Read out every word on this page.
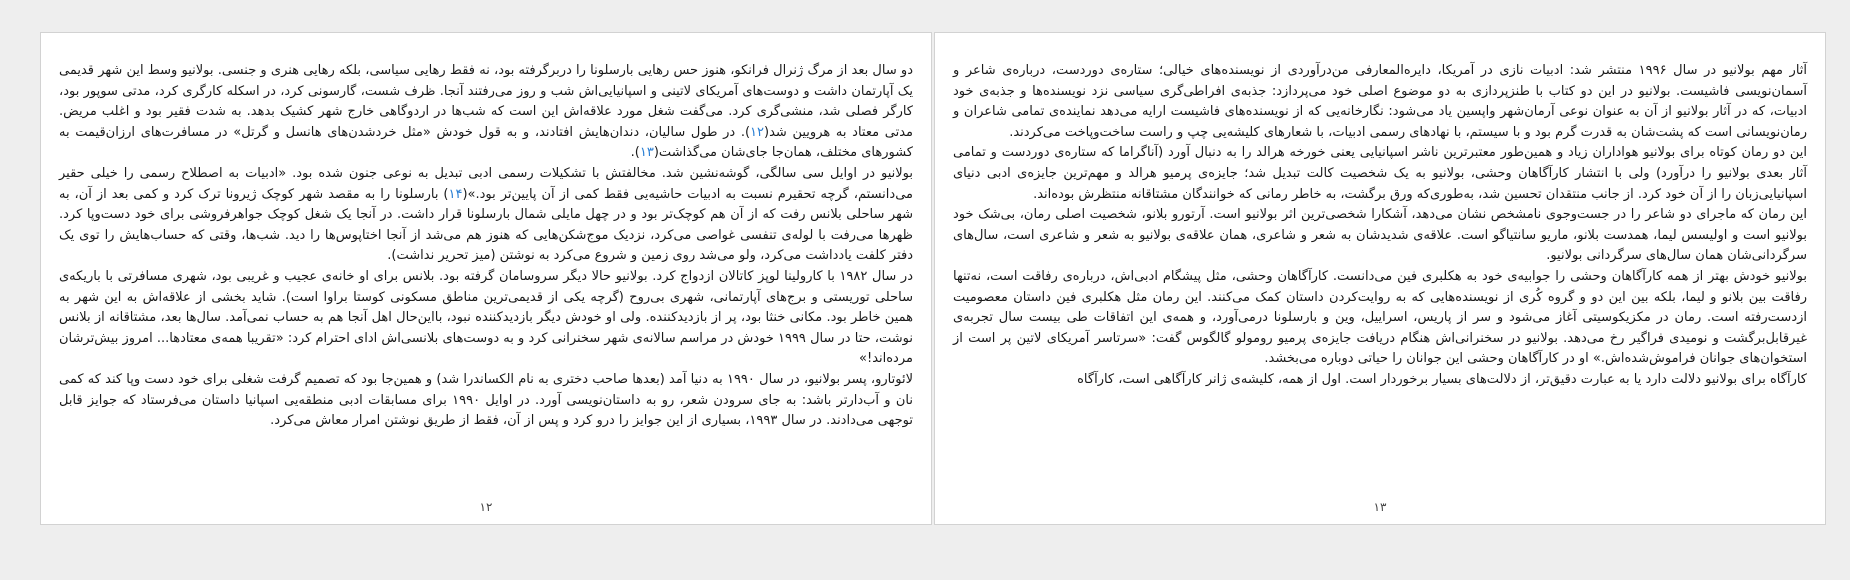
دو سال بعد از مرگ ژنرال فرانکو، هنوز حس رهایی بارسلونا را دربرگرفته بود، نه فقط رهایی سیاسی، بلکه رهایی هنری و جنسی. بولانیو وسط این شهر قدیمی یک آپارتمان داشت و دوست‌های آمریکای لاتینی و اسپانیایی‌اش شب و روز می‌رفتند آنجا. ظرف شست، گارسونی کرد، در اسکله کارگری کرد، مدتی سوپور بود، کارگر فصلی شد، منشی‌گری کرد. می‌گفت شغل مورد علاقه‌اش این است که شب‌ها در اردوگاهی خارج شهر کشیک بدهد. به شدت فقیر بود و اغلب مریض. مدتی معتاد به هرویین شد(۱۲). در طول سالیان، دندان‌هایش افتادند، و به قول خودش «مثل خردشدن‌های هانسل و گرتل» در مسافرت‌های ارزان‌قیمت به کشورهای مختلف، همان‌جا جای‌شان می‌گذاشت(۱۳).

بولانیو در اوایل سی سالگی، گوشه‌نشین شد. مخالفتش با تشکیلات رسمی ادبی تبدیل به نوعی جنون شده بود. «ادبیات به اصطلاح رسمی را خیلی حقیر می‌دانستم، گرچه تحقیرم نسبت به ادبیات حاشیه‌یی فقط کمی از آن پایین‌تر بود.»(۱۴) بارسلونا را به مقصد شهر کوچک ژیرونا ترک کرد و کمی بعد از آن، به شهر ساحلی بلانس رفت که از آن هم کوچک‌تر بود و در چهل مایلی شمال بارسلونا قرار داشت. در آنجا یک شغل کوچک جواهرفروشی برای خود دست‌وپا کرد. ظهرها می‌رفت با لوله‌ی تنفسی غواصی می‌کرد، نزدیک موج‌شکن‌هایی که هنوز هم می‌شد از آنجا اختاپوس‌ها را دید. شب‌ها، وقتی که حساب‌هایش را توی یک دفتر کلفت یادداشت می‌کرد، ولو می‌شد روی زمین و شروع می‌کرد به نوشتن (میز تحریر نداشت).

در سال ۱۹۸۲ با کارولینا لوپز کاتالان ازدواج کرد. بولانیو حالا دیگر سروسامان گرفته بود. بلانس برای او خانه‌ی عجیب و غریبی بود، شهری مسافرتی با باریکه‌ی ساحلی توریستی و برج‌های آپارتمانی، شهری بی‌روح (گرچه یکی از قدیمی‌ترین مناطق مسکونی کوستا براوا است). شاید بخشی از علاقه‌اش به این شهر به همین خاطر بود. مکانی خنثا بود، پر از بازدیدکننده. ولی او خودش دیگر بازدیدکننده نبود، بااین‌حال اهل آنجا هم به حساب نمی‌آمد. سال‌ها بعد، مشتاقانه از بلانس نوشت، حتا در سال ۱۹۹۹ خودش در مراسم سالانه‌ی شهر سخنرانی کرد و به دوست‌های بلانسی‌اش ادای احترام کرد: «تقریبا همه‌ی معتادها... امروز بیش‌ترشان مرده‌اند!»

لائوتارو، پسر بولانیو، در سال ۱۹۹۰ به دنیا آمد (بعدها صاحب دختری به نام الکساندرا شد) و همین‌جا بود که تصمیم گرفت شغلی برای خود دست وپا کند که کمی نان و آب‌دارتر باشد: به جای سرودن شعر، رو به داستان‌نویسی آورد. در اوایل ۱۹۹۰ برای مسابقات ادبی منطقه‌یی اسپانیا داستان می‌فرستاد که جوایز قابل توجهی می‌دادند. در سال ۱۹۹۳، بسیاری از این جوایز را درو کرد و پس از آن، فقط از طریق نوشتن امرار معاش می‌کرد.

۱۲

آثار مهم بولانیو در سال ۱۹۹۶ منتشر شد: ادبیات نازی در آمریکا، دایره‌المعارفی من‌درآوردی از نویسنده‌های خیالی؛ ستاره‌ی دوردست، درباره‌ی شاعر و آسمان‌نویسی فاشیست. بولانیو در این دو کتاب با طنزپردازی به دو موضوع اصلی خود می‌پردازد: جذبه‌ی افراطی‌گری سیاسی نزد نویسنده‌ها و جذبه‌ی خود ادبیات، که در آثار بولانیو از آن به عنوان نوعی آرمان‌شهر واپسین یاد می‌شود: نگارخانه‌یی که از نویسنده‌های فاشیست ارایه می‌دهد نماینده‌ی تمامی شاعران و رمان‌نویسانی است که پشت‌شان به قدرت گرم بود و با سیستم، با نهادهای رسمی ادبیات، با شعارهای کلیشه‌یی چپ و راست ساخت‌وپاخت می‌کردند.

این دو رمان کوتاه برای بولانیو هواداران زیاد و همین‌طور معتبرترین ناشر اسپانیایی یعنی خورخه هرالد را به دنبال آورد (آناگراما که ستاره‌ی دوردست و تمامی آثار بعدی بولانیو را درآورد) ولی با انتشار کارآگاهان وحشی، بولانیو به یک شخصیت کالت تبدیل شد؛ جایزه‌ی پرمیو هرالد و مهم‌ترین جایزه‌ی ادبی دنیای اسپانیایی‌زبان را از آن خود کرد. از جانب منتقدان تحسین شد، به‌طوری‌که ورق برگشت، به خاطر رمانی که خوانندگان مشتاقانه منتظرش بوده‌اند.

این رمان که ماجرای دو شاعر را در جست‌وجوی نامشخص نشان می‌دهد، آشکارا شخصی‌ترین اثر بولانیو است. آرتورو بلانو، شخصیت اصلی رمان، بی‌شک خود بولانیو است و اولیسس لیما، همدست بلانو، ماریو سانتیاگو است. علاقه‌ی شدیدشان به شعر و شاعری، همان علاقه‌ی بولانیو به شعر و شاعری است، سال‌های سرگردانی‌شان همان سال‌های سرگردانی بولانیو.

بولانیو خودش بهتر از همه کارآگاهان وحشی را جوابیه‌ی خود به هکلبری فین می‌دانست. کارآگاهان وحشی، مثل پیشگام ادبی‌اش، درباره‌ی رفاقت است، نه‌تنها رفاقت بین بلانو و لیما، بلکه بین این دو و گروه کُری از نویسنده‌هایی که به روایت‌کردن داستان کمک می‌کنند. این رمان مثل هکلبری فین داستان معصومیت ازدست‌رفته است. رمان در مکزیکوسیتی آغاز می‌شود و سر از پاریس، اسراییل، وین و بارسلونا درمی‌آورد، و همه‌ی این اتفاقات طی بیست سال تجربه‌ی غیرقابل‌برگشت و نومیدی فراگیر رخ می‌دهد. بولانیو در سخنرانی‌اش هنگام دریافت جایزه‌ی پرمیو رومولو گالگوس گفت: «سرتاسر آمریکای لاتین پر است از استخوان‌های جوانان فراموش‌شده‌اش.» او در کارآگاهان وحشی این جوانان را حیاتی دوباره می‌بخشد.

کارآگاه برای بولانیو دلالت دارد یا به عبارت دقیق‌تر، از دلالت‌های بسیار برخوردار است. اول از همه، کلیشه‌ی ژانر کارآگاهی است، کارآگاه

۱۳
